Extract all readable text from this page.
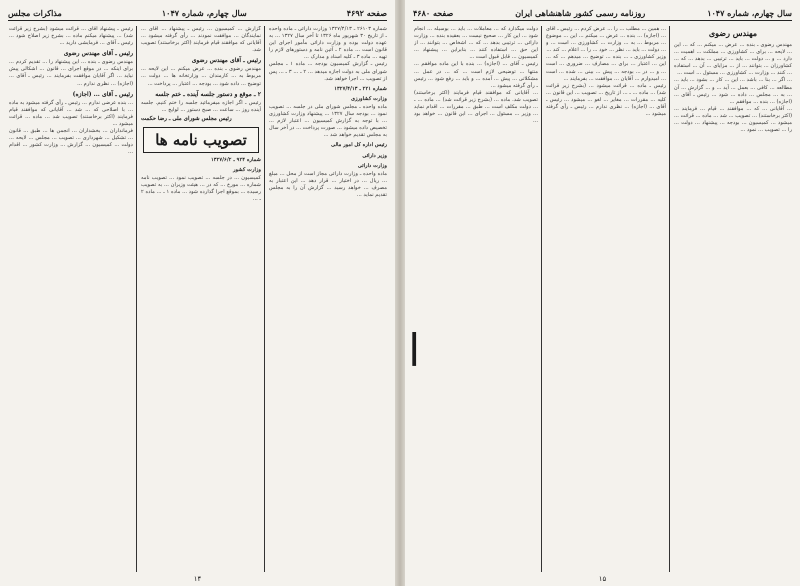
صفحه ۴۶۹۲
سال چهارم، شماره ۱۰۴۷
مذاکرات مجلس

شماره ۲۶۱۰۳ ـ ۱۳۲۷/۴/۱۳ وزارت دارائی ـ ماده واحده ـ از تاریخ ۳۰ شهریور ماه ۱۳۲۶ تا آخر سال ۱۳۲۷ ... به عهده دولت بوده و وزارت دارائی مأمور اجرای این قانون است ... ماده ۲ ـ آئین نامه و دستورهای لازم را تهیه ... ماده ۳ ـ کلیه اسناد و مدارک ...

رئیس ـ گزارش کمیسیون بودجه ... ماده ۱ ـ مجلس شورای ملی به دولت اجازه میدهد ... ۲ ـ ... ۳ ـ ... پس از تصویب ... اجرا خواهد شد.

شماره ۲۲۱ ـ ۱۳۲۷/۴/۱۳
وزارت کشاورزی

ماده واحده ـ مجلس شورای ملی در جلسه ... تصویب نمود ... بودجه سال ۱۳۲۷ ... پیشنهاد وزارت کشاورزی ... با توجه به گزارش کمیسیون ... اعتبار لازم ... تخصیص داده میشود ... صورت پرداخت ... در آخر سال به مجلس تقدیم خواهد شد ...

رئیس اداره کل امور مالی
وزیر دارائی
وزارت دارائی

ماده واحده ـ وزارت دارائی مجاز است از محل ... مبلغ ... ریال ... در اختیار ... قرار دهد ... این اعتبار به مصرف ... خواهد رسید ... گزارش آن را به مجلس تقدیم نماید ...

گزارش ... کمیسیون ... رئیس ـ پیشنهاد ... آقای ... نمایندگان ... موافقت نمودند ... رأی گرفته میشود ... آقایانی که موافقند قیام فرمایند (اکثر برخاستند) تصویب شد.

رئیس ـ آقای مهندس رضوی

مهندس رضوی ـ بنده ... عرض میکنم ... این لایحه ... مربوط به ... کارمندان ... وزارتخانه ها ... دولت ... توضیح ... داده شود ... بودجه ... اعتبار ... پرداخت ...

۲ ـ موقع و دستور جلسه آینده ـ ختم جلسه

رئیس ـ اگر اجازه میفرمائید جلسه را ختم کنیم. جلسه آینده روز ... ساعت ... صبح دستور ... لوایح ...

رئیس مجلس شورای ملی ـ رضا حکمت
تصویب نامه ها
شماره ۹۲۴ ـ ۱۳۲۷/۶/۲
وزارت کشور

کمیسیون ... در جلسه ... تصویب نمود ... تصویب نامه شماره ... مورخ ... که در ... هیئت وزیران ... به تصویب رسیده ... بموقع اجرا گذارده شود ... ماده ۱ ـ ... ماده ۲ ـ ...

رئیس ـ پیشنهاد آقای ... قرائت میشود (بشرح زیر قرائت شد) ... پیشنهاد میکنم ماده ... بشرح زیر اصلاح شود ... رئیس ـ آقای ... فرمایشی دارید ...

رئیس ـ آقای مهندس رضوی

مهندس رضوی ـ بنده ... این پیشنهاد را ... تقدیم کردم ... برای اینکه ... در موقع اجرای ... قانون ... اشکالی پیش نیاید ... اگر آقایان موافقت بفرمایند ... رئیس ـ آقای ... (اجازه) ... نظری ندارم ...

رئیس ـ آقای ... (اجازه)

... بنده عرضی ندارم ... رئیس ـ رأی گرفته میشود به ماده ... با اصلاحی که ... شد ... آقایانی که موافقند قیام فرمایند (اکثر برخاستند) تصویب شد ... ماده ... قرائت میشود ...

فرمانداران ... بخشداران ... انجمن ها ... طبق ... قانون ... تشکیل ... شهرداری ... تصویب ... مجلس ... لایحه ... دولت ... کمیسیون ... گزارش ... وزارت کشور ... اقدام ...

۱۴
سال چهارم، شماره ۱۰۴۷
روزنامه رسمی کشور شاهنشاهی ایران
صفحه ۴۶۸۰
مهندس رضوی

مهندس رضوی ـ بنده ... عرض ... میکنم ... که ... این ... لایحه ... برای ... کشاورزی ... مملکت ... اهمیت ... دارد ... و ... دولت ... باید ... ترتیبی ... بدهد ... که ... کشاورزان ... بتوانند ... از ... مزایای ... آن ... استفاده ... کنند ... وزارت ... کشاورزی ... مسئول ... است ...

... اگر ... بنا ... باشد ... این ... کار ... بشود ... باید ... مطالعه ... کافی ... بعمل ... آید ... و ... گزارش ... آن ... به ... مجلس ... داده ... شود ... رئیس ـ آقای ... (اجازه) ... بنده ... موافقم ...

... آقایانی ... که ... موافقند ... قیام ... فرمایند ... (اکثر برخاستند) ... تصویب ... شد ... ماده ... قرائت ... میشود ... کمیسیون ... بودجه ... پیشنهاد ... دولت ... را ... تصویب ... نمود ...

... همین ... مطلب ... را ... عرض کردم ... رئیس ـ آقای ... (اجازه) ... بنده ... عرض ... میکنم ... این ... موضوع ... مربوط ... به ... وزارت ... کشاورزی ... است ... و ... دولت ... باید ... نظر ... خود ... را ... اعلام ... کند ...

وزیر کشاورزی ـ ... بنده ... توضیح ... میدهم ... که ... این ... اعتبار ... برای ... مصارف ... ضروری ... است ... و ... در ... بودجه ... پیش ... بینی ... شده ... است ... امیدوارم ... آقایان ... موافقت ... بفرمایند ...

رئیس ـ ماده ... قرائت میشود ... (بشرح زیر قرائت شد) ... ماده ... ـ ... از تاریخ ... تصویب ... این قانون ... کلیه ... مقررات ... مغایر ... لغو ... میشود ... رئیس ـ آقای ... (اجازه) ... نظری ندارم ... رئیس ـ رأی گرفته میشود ...

دولت میگذارد که ... معاملات ... باید ... بوسیله ... انجام شود ... این کار ... صحیح نیست ... بعقیده بنده ... وزارت دارائی ... ترتیبی بدهد ... که ... اشخاص ... بتوانند ... از این حق ... استفاده کنند ... بنابراین ... پیشنهاد ... کمیسیون ... قابل قبول است ...

رئیس ـ آقای ... (اجازه) ... بنده با این ماده موافقم ... منتها ... توضیحی لازم است ... که ... در عمل ... مشکلاتی ... پیش ... آمده ... و باید ... رفع شود ... رئیس ـ رأی گرفته میشود ...

... آقایانی که موافقند قیام فرمایند (اکثر برخاستند) تصویب شد. ماده ... (بشرح زیر قرائت شد) ... ماده ... ـ ... دولت مکلف است ... طبق ... مقررات ... اقدام نماید ... وزیر ... مسئول ... اجرای ... این قانون ... خواهد بود ...

|
۱۵
